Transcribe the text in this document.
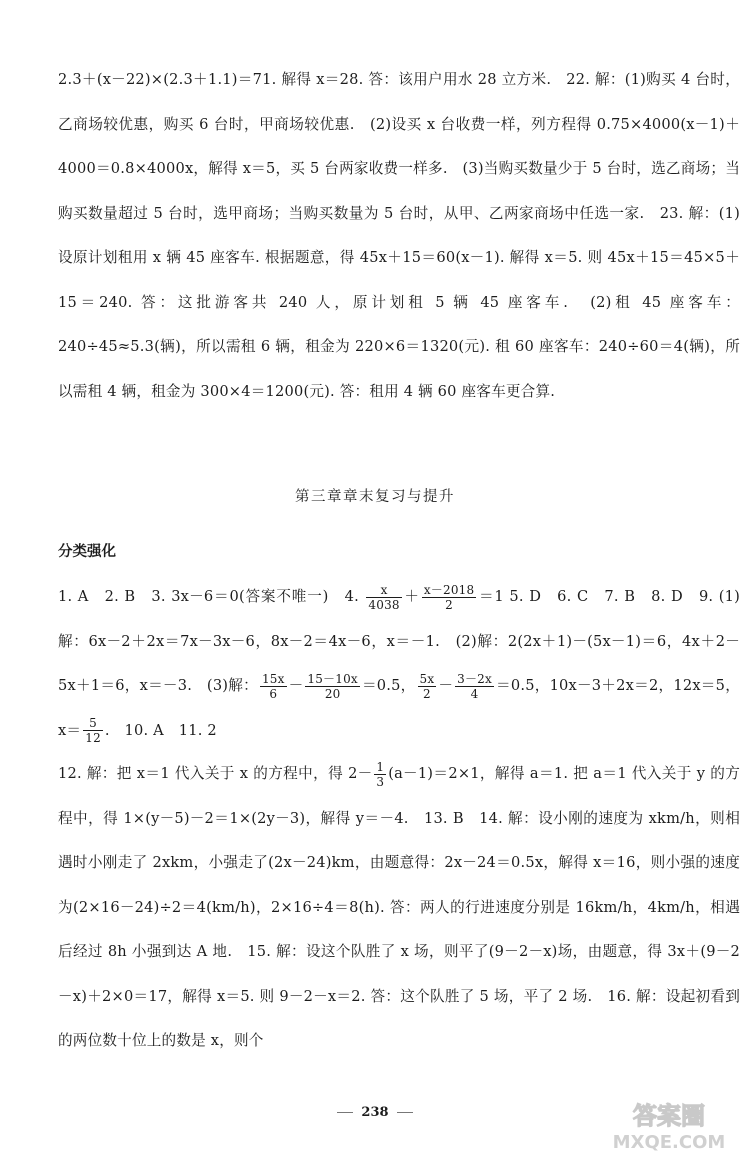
2.3＋(x－22)×(2.3＋1.1)＝71. 解得 x＝28. 答：该用户用水 28 立方米.　22. 解：(1)购买 4 台时，乙商场较优惠，购买 6 台时，甲商场较优惠.　(2)设买 x 台收费一样，列方程得 0.75×4000(x－1)＋4000＝0.8×4000x，解得 x＝5，买 5 台两家收费一样多.　(3)当购买数量少于 5 台时，选乙商场；当购买数量超过 5 台时，选甲商场；当购买数量为 5 台时，从甲、乙两家商场中任选一家.　23. 解：(1)设原计划租用 x 辆 45 座客车. 根据题意，得 45x＋15＝60(x－1). 解得 x＝5. 则 45x＋15＝45×5＋15＝240. 答：这批游客共 240 人，原计划租 5 辆 45 座客车.　(2)租 45 座客车：240÷45≈5.3(辆)，所以需租 6 辆，租金为 220×6＝1320(元). 租 60 座客车：240÷60＝4(辆)，所以需租 4 辆，租金为 300×4＝1200(元). 答：租用 4 辆 60 座客车更合算.

第三章章末复习与提升

分类强化

1. A　2. B　3. 3x－6＝0(答案不唯一)　4. $\frac{x}{4038} + \frac{x-2018}{2} =1$ 5. D　6. C　7. B　8. D　9. (1)解：6x－2＋2x＝7x－3x－6，8x－2＝4x－6，x＝－1.　(2)解：2(2x＋1)－(5x－1)＝6，4x＋2－5x＋1＝6，x＝－3.　(3)解： $\frac{15x}{6} - \frac{15-10x}{20} =0.5$， $\frac{5x}{2} - \frac{3-2x}{4} =0.5$，10x－3＋2x＝2，12x＝5，$x= \frac{5}{12}$ .　10. A　11. 2

12. 解：把 x＝1 代入关于 x 的方程中，得 $2- \frac{1}{3} (a-1)=2\times 1$，解得 a＝1. 把 a＝1 代入关于 y 的方程中，得 1×(y－5)－2＝1×(2y－3)，解得 y＝－4.　13. B　14. 解：设小刚的速度为 xkm/h，则相遇时小刚走了 2xkm，小强走了(2x－24)km，由题意得：2x－24＝0.5x，解得 x＝16，则小强的速度为(2×16－24)÷2＝4(km/h)，2×16÷4＝8(h). 答：两人的行进速度分别是 16km/h，4km/h，相遇后经过 8h 小强到达 A 地.　15. 解：设这个队胜了 x 场，则平了(9－2－x)场，由题意，得 3x＋(9－2－x)＋2×0＝17，解得 x＝5. 则 9－2－x＝2. 答：这个队胜了 5 场，平了 2 场.　16. 解：设起初看到的两位数十位上的数是 x，则个

238	答案圈
MXQE.COM
